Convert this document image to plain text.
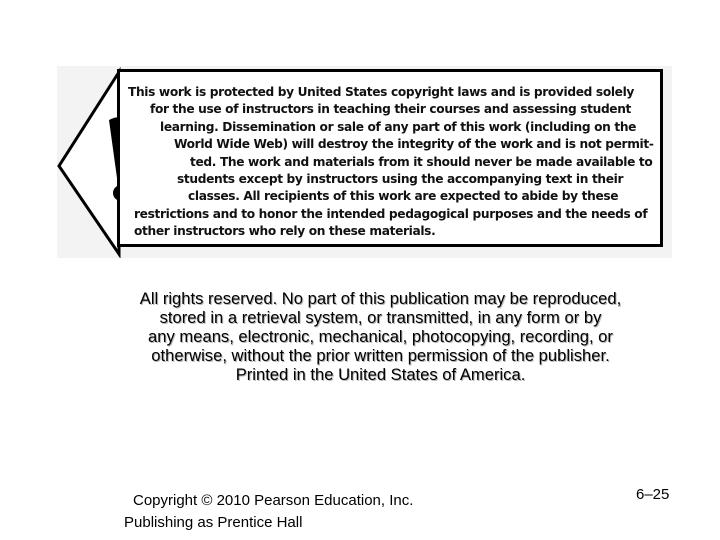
This work is protected by United States copyright laws and is provided solely
for the use of instructors in teaching their courses and assessing student
learning. Dissemination or sale of any part of this work (including on the
World Wide Web) will destroy the integrity of the work and is not permit-
ted. The work and materials from it should never be made available to
students except by instructors using the accompanying text in their
classes. All recipients of this work are expected to abide by these
restrictions and to honor the intended pedagogical purposes and the needs of
other instructors who rely on these materials.
All rights reserved. No part of this publication may be reproduced,
stored in a retrieval system, or transmitted, in any form or by
any means, electronic, mechanical, photocopying, recording, or
otherwise, without the prior written permission of the publisher.
Printed in the United States of America.
Copyright © 2010 Pearson Education, Inc.
Publishing as Prentice Hall
6–25
